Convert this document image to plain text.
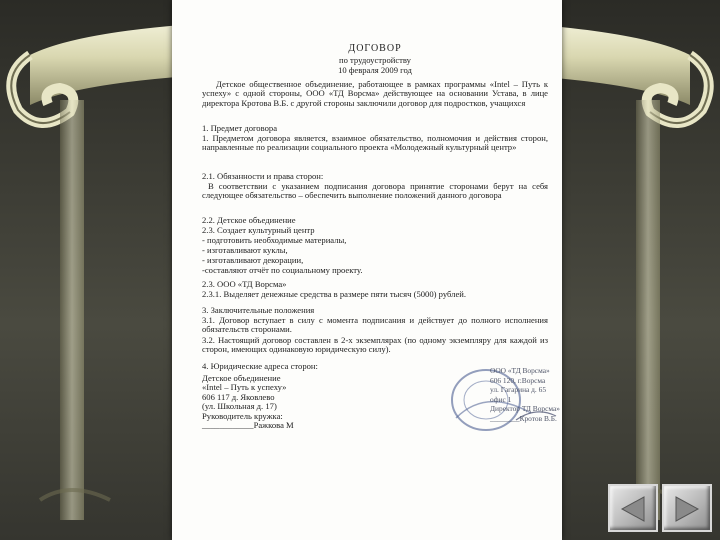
ДОГОВОР
по трудоустройству
10 февраля 2009 год

Детское общественное объединение, работающее в рамках программы «Intel – Путь к успеху» с одной стороны, ООО «ТД Ворсма» действующее на основании Устава, в лице директора Кротова В.Б. с другой стороны заключили договор для подростков, учащихся

1. Предмет договора

1. Предметом договора является, взаимное обязательство, полномочия и действия сторон, направленные по реализации социального проекта «Молодежный культурный центр»

2.1. Обязанности и права сторон:

В соответствии с указанием подписания договора принятие сторонами берут на себя следующее обязательство – обеспечить выполнение положений данного договора

2.2. Детское объединение
2.3. Создает культурный центр
- подготовить необходимые материалы,
- изготавливают куклы,
- изготавливают декорации,
-составляют отчёт по социальному проекту.
2.3. ООО «ТД Ворсма»
2.3.1. Выделяет денежные средства в размере пяти тысяч (5000) рублей.
3. Заключительные положения

3.1. Договор вступает в силу с момента подписания и действует до полного исполнения обязательств сторонами.

3.2. Настоящий договор составлен в 2-х экземплярах (по одному экземпляру для каждой из сторон, имеющих одинаковую юридическую силу).

4. Юридические адреса сторон:
Детское объединение
«Intel – Путь к успеху»
606 117 д. Яковлево
(ул. Школьная д. 17)
Руководитель кружка:
____________Ражкова М
ООО «ТД Ворсма»
606 120, г.Ворсма
ул. Гагарина д. 65
офис 1
Директор ТД Ворсма»
________Кротов В.Б.
